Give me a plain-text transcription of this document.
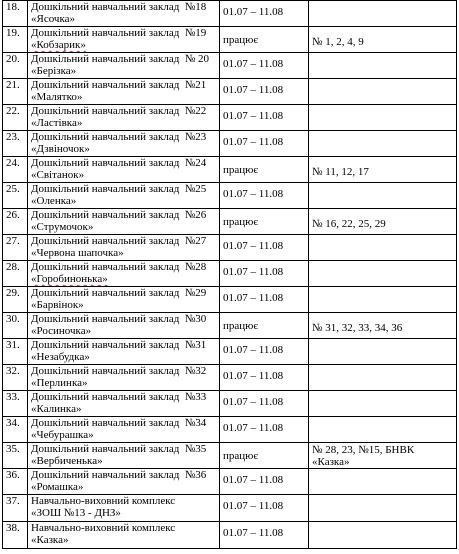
18.	Дошкільний навчальний заклад  №18
«Ясочка»	01.07 – 11.08	
19.	Дошкільний навчальний заклад  №19
«Кобзарик»	працює	№ 1, 2, 4, 9
20.	Дошкільний навчальний заклад  № 20
«Берізка»	01.07 – 11.08	
21.	Дошкільний навчальний заклад  №21
«Малятко»	01.07 – 11.08	
22.	Дошкільний навчальний заклад  №22
«Ластівка»	01.07 – 11.08	
23.	Дошкільний навчальний заклад  №23
«Дзвіночок»	01.07 – 11.08	
24.	Дошкільний навчальний заклад  №24
«Світанок»	працює	№ 11, 12, 17
25.	Дошкільний навчальний заклад  №25
«Оленка»	01.07 – 11.08	
26.	Дошкільний навчальний заклад  №26
«Струмочок»	працює	№ 16, 22, 25, 29
27.	Дошкільний навчальний заклад  №27
«Червона шапочка»	01.07 – 11.08	
28.	Дошкільний навчальний заклад  №28
«Горобинонька»	01.07 – 11.08	
29.	Дошкільний навчальний заклад  №29
«Барвінок»	01.07 – 11.08	
30.	Дошкільний навчальний заклад  №30
«Росиночка»	працює	№ 31, 32, 33, 34, 36
31.	Дошкільний навчальний заклад  №31
«Незабудка»	01.07 – 11.08	
32.	Дошкільний навчальний заклад  №32
«Перлинка»	01.07 – 11.08	
33.	Дошкільний навчальний заклад  №33
«Калинка»	01.07 – 11.08	
34.	Дошкільний навчальний заклад  №34
«Чебурашка»	01.07 – 11.08	
35.	Дошкільний навчальний заклад  №35
«Вербиченька»	працює	№ 28, 23, №15, БНВК «Казка»
36.	Дошкільний навчальний заклад  №36
«Ромашка»	01.07 – 11.08	
37.	Навчально-виховний комплекс
«ЗОШ №13 - ДНЗ»	01.07 – 11.08	
38.	Навчально-виховний комплекс
«Казка»	01.07 – 11.08	
